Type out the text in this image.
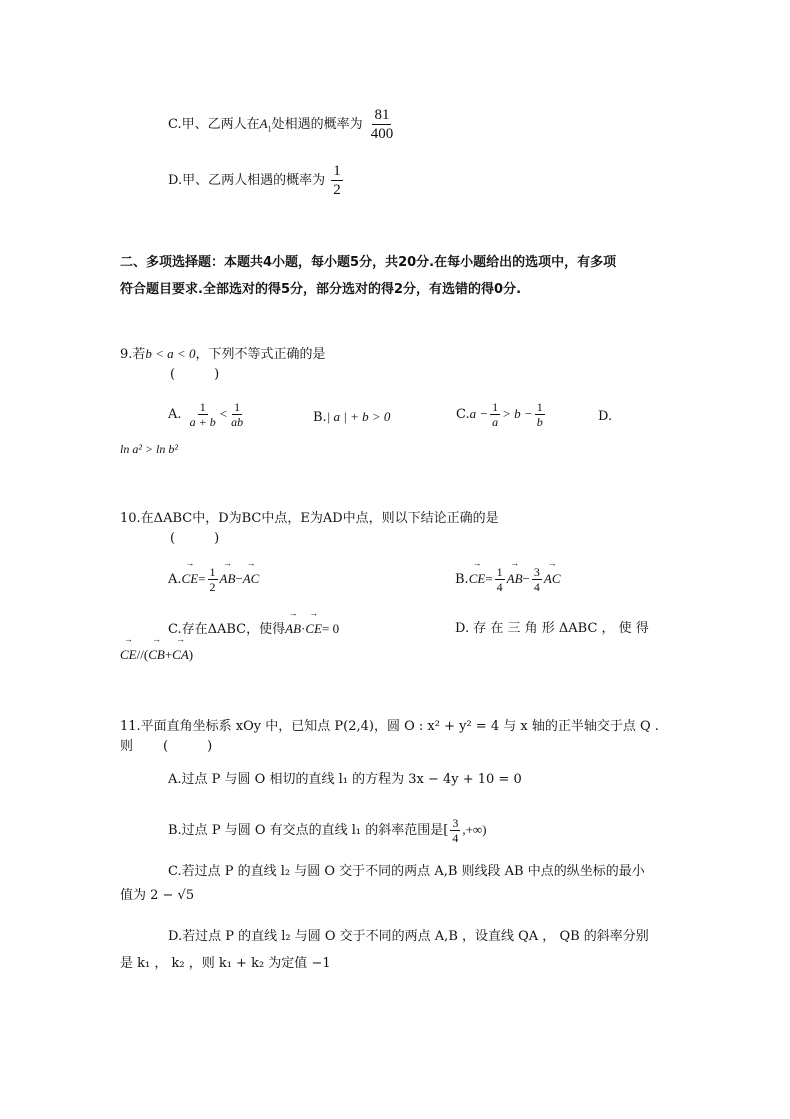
C.甲、乙两人在$A_1$处相遇的概率为 $\frac{81}{400}$
D.甲、乙两人相遇的概率为 $\frac{1}{2}$
二、多项选择题：本题共4小题，每小题5分，共20分.在每小题给出的选项中，有多项
符合题目要求.全部选对的得5分，部分选对的得2分，有选错的得0分.
9.若b < a < 0，下列不等式正确的是
(　　　)
A. $\frac{1}{a + b} < \frac{1}{ab}$	B.| a | + b > 0	$C.a - \frac{1}{a} > b - \frac{1}{b}$	D.
ln a² > ln b²
10.在ΔABC中，D为BC中点，E为AD中点，则以下结论正确的是
(　　　)
$A.\to CE= \frac{1}{2}$
→ AB−→ AC	$B.\to CE= \frac{1}{4}$
→ $AB- \frac{3}{4}$
→ AC
C.存在ΔABC，使得→ AB·→ CE= 0	D. 存 在 三 角 形 ΔABC ， 使 得
→ CE//(→ CB+→ CA)
11.平面直角坐标系 xOy 中，已知点 P(2,4)，圆 O : x² + y² = 4 与 x 轴的正半轴交于点 Q .
则 (　　　)
A.过点 P 与圆 O 相切的直线 l₁ 的方程为 3x − 4y + 10 = 0
B.过点 P 与圆 O 有交点的直线 l₁ 的斜率范围是[ $\frac{3}{4}$ ,+∞)
C.若过点 P 的直线 l₂ 与圆 O 交于不同的两点 A,B 则线段 AB 中点的纵坐标的最小
值为 2 − √5
D.若过点 P 的直线 l₂ 与圆 O 交于不同的两点 A,B ，设直线 QA ， QB 的斜率分别
是 k₁ ， k₂ ，则 k₁ + k₂ 为定值 −1
